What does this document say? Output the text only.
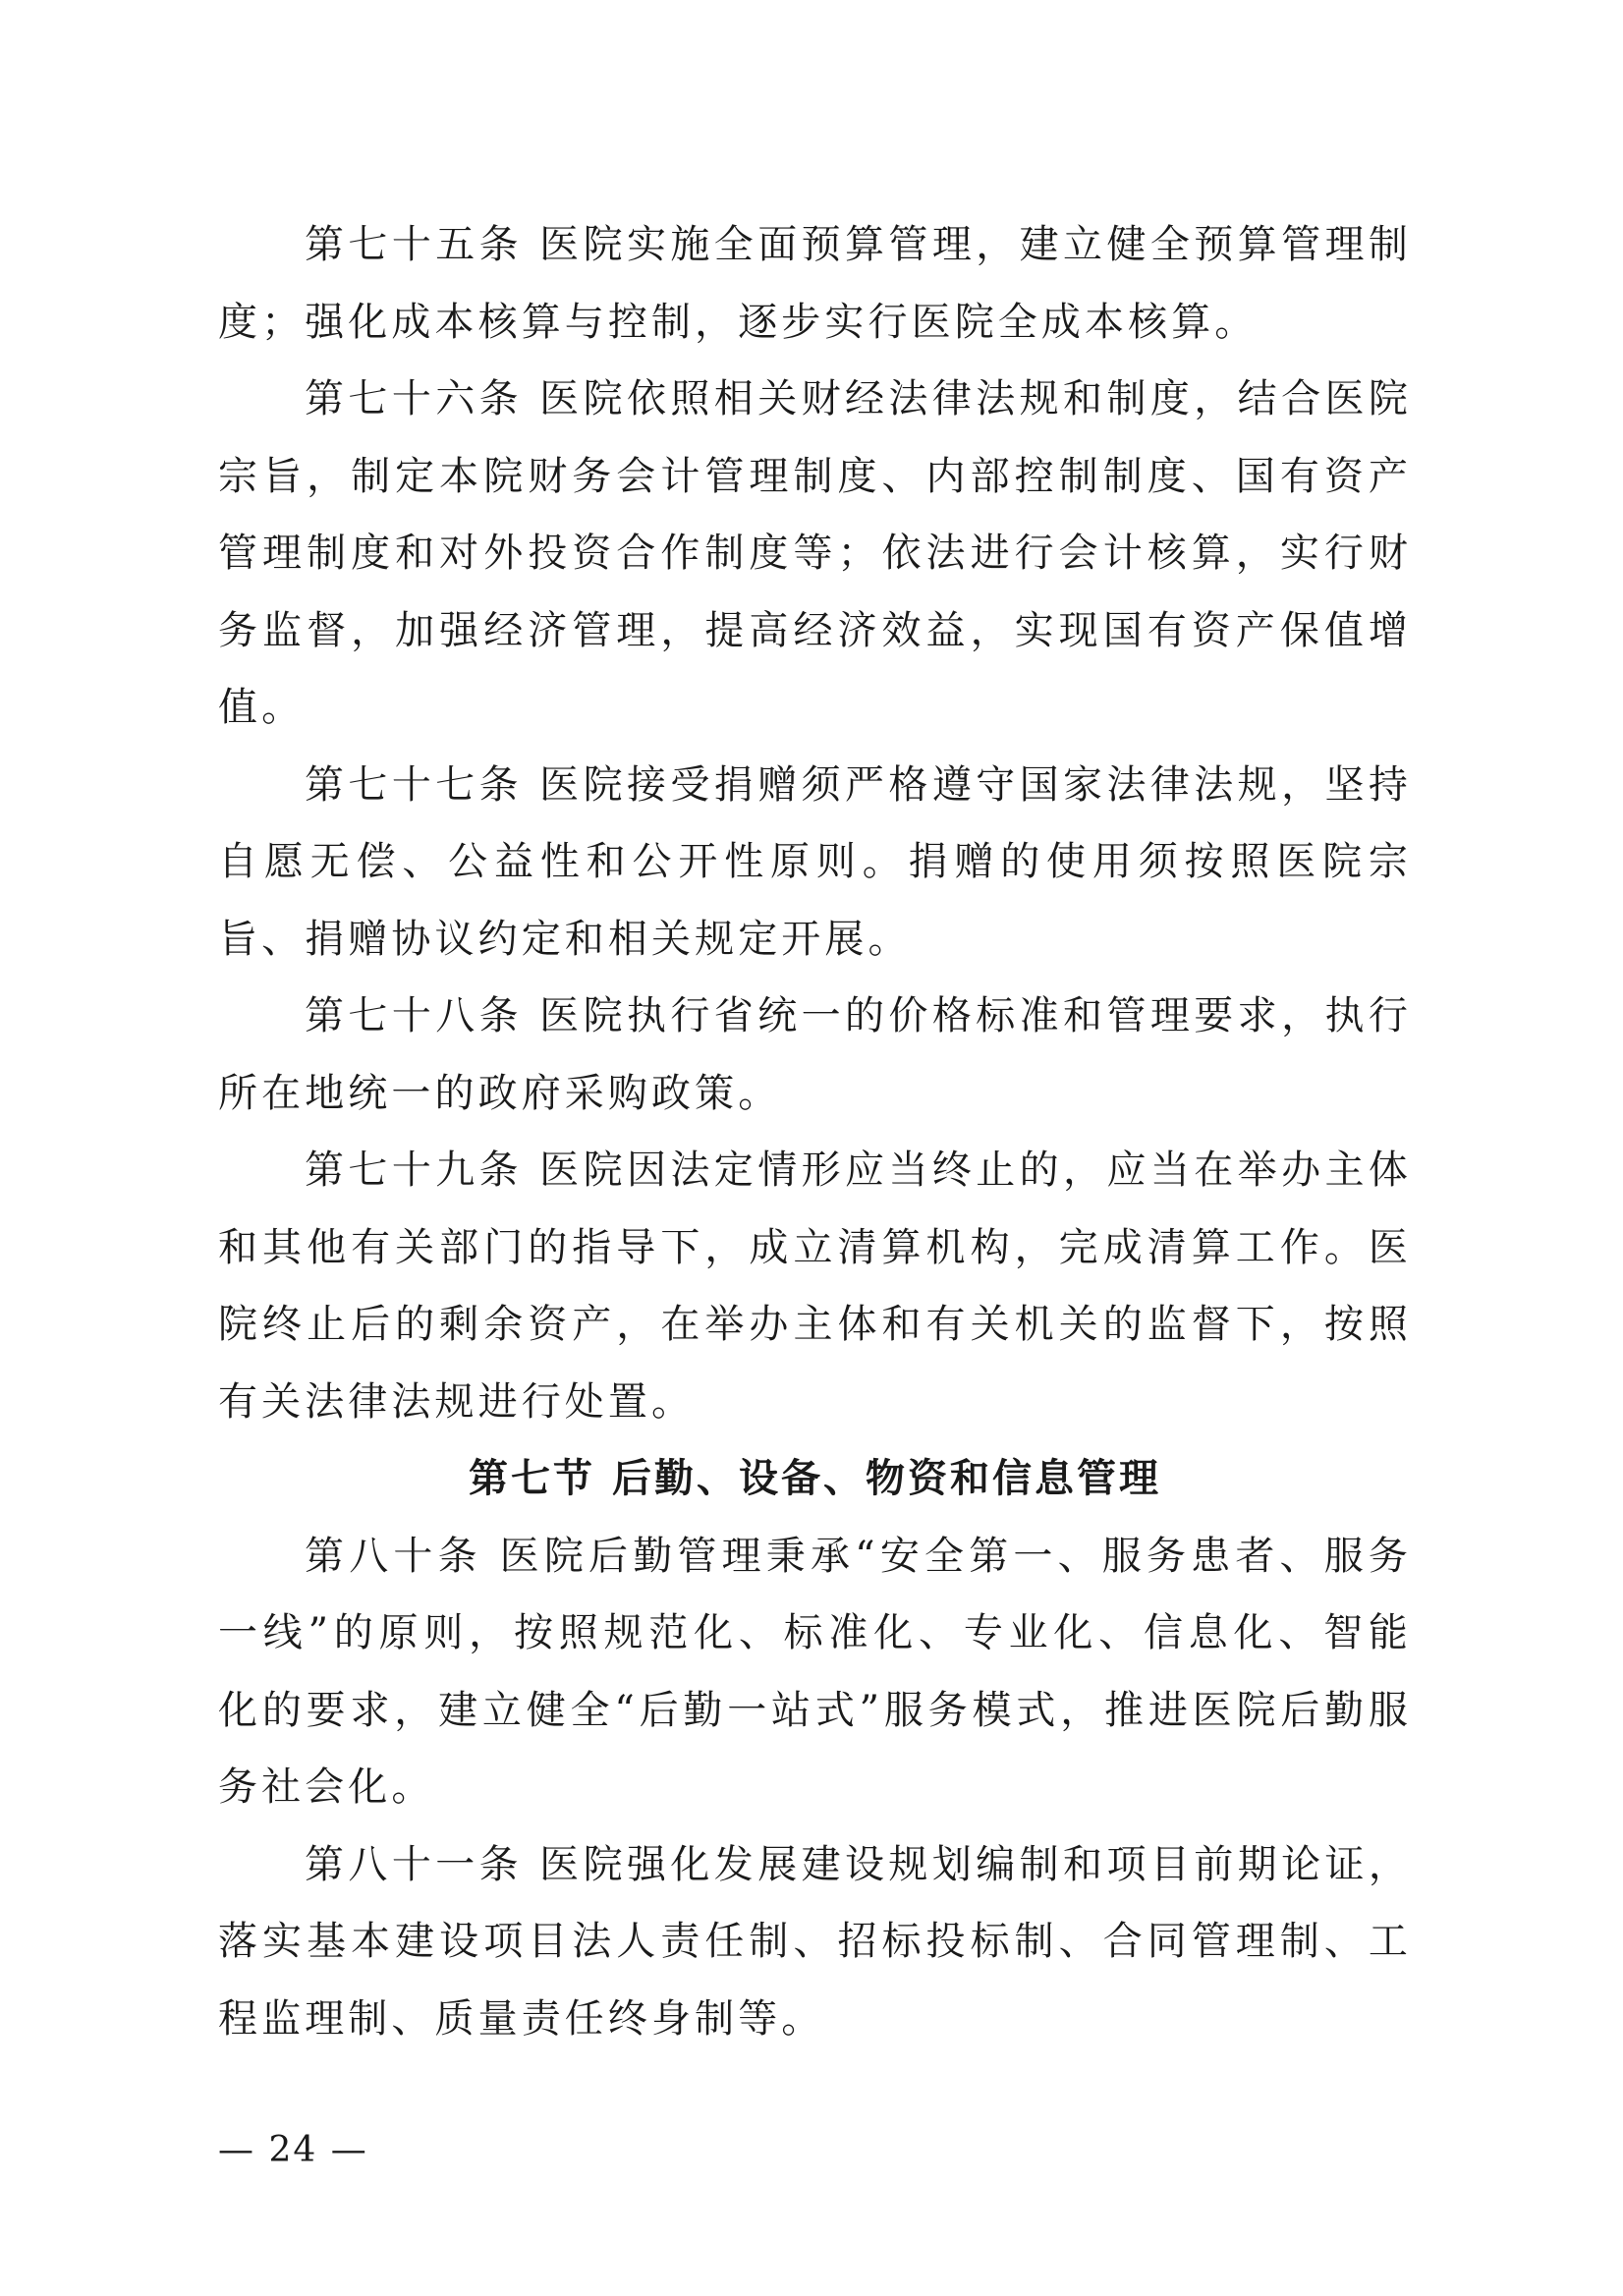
第七十五条 医院实施全面预算管理，建立健全预算管理制度；强化成本核算与控制，逐步实行医院全成本核算。

第七十六条 医院依照相关财经法律法规和制度，结合医院宗旨，制定本院财务会计管理制度、内部控制制度、国有资产管理制度和对外投资合作制度等；依法进行会计核算，实行财务监督，加强经济管理，提高经济效益，实现国有资产保值增值。

第七十七条 医院接受捐赠须严格遵守国家法律法规，坚持自愿无偿、公益性和公开性原则。捐赠的使用须按照医院宗旨、捐赠协议约定和相关规定开展。

第七十八条 医院执行省统一的价格标准和管理要求，执行所在地统一的政府采购政策。

第七十九条 医院因法定情形应当终止的，应当在举办主体和其他有关部门的指导下，成立清算机构，完成清算工作。医院终止后的剩余资产，在举办主体和有关机关的监督下，按照有关法律法规进行处置。

第七节 后勤、设备、物资和信息管理

第八十条 医院后勤管理秉承“安全第一、服务患者、服务一线”的原则，按照规范化、标准化、专业化、信息化、智能化的要求，建立健全“后勤一站式”服务模式，推进医院后勤服务社会化。

第八十一条 医院强化发展建设规划编制和项目前期论证，落实基本建设项目法人责任制、招标投标制、合同管理制、工程监理制、质量责任终身制等。

— 24 —
